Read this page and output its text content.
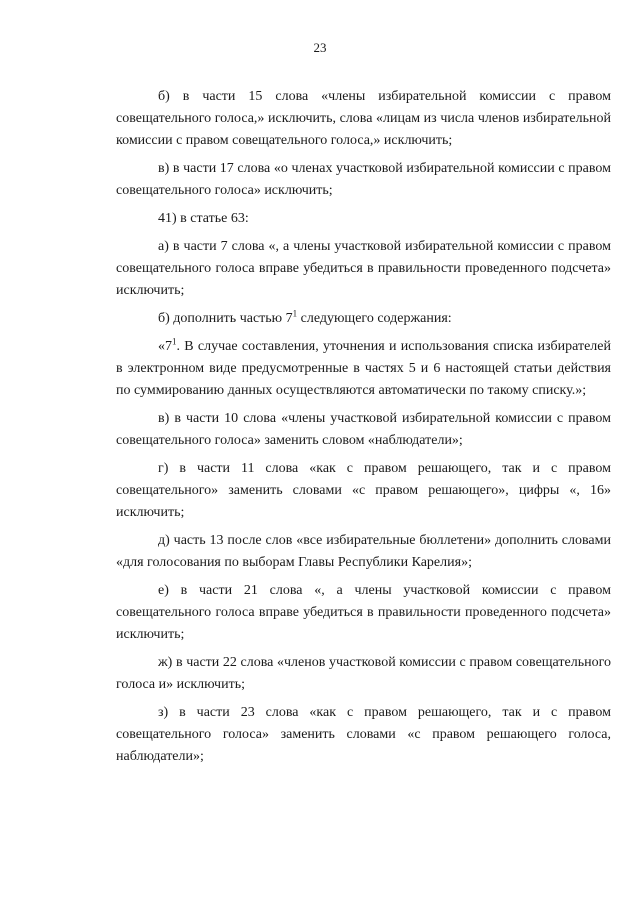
23

б) в части 15 слова «члены избирательной комиссии с правом совещательного голоса,» исключить, слова «лицам из числа членов избирательной комиссии с правом совещательного голоса,» исключить;

в) в части 17 слова «о членах участковой избирательной комиссии с правом совещательного голоса» исключить;

41) в статье 63:

а) в части 7 слова «, а члены участковой избирательной комиссии с правом совещательного голоса вправе убедиться в правильности проведенного подсчета» исключить;

б) дополнить частью $7^1$ следующего содержания:

«$7^1$. В случае составления, уточнения и использования списка избирателей в электронном виде предусмотренные в частях 5 и 6 настоящей статьи действия по суммированию данных осуществляются автоматически по такому списку.»;

в) в части 10 слова «члены участковой избирательной комиссии с правом совещательного голоса» заменить словом «наблюдатели»;

г) в части 11 слова «как с правом решающего, так и с правом совещательного» заменить словами «с правом решающего», цифры «, 16» исключить;

д) часть 13 после слов «все избирательные бюллетени» дополнить словами «для голосования по выборам Главы Республики Карелия»;

е) в части 21 слова «, а члены участковой комиссии с правом совещательного голоса вправе убедиться в правильности проведенного подсчета» исключить;

ж) в части 22 слова «членов участковой комиссии с правом совещательного голоса и» исключить;

з) в части 23 слова «как с правом решающего, так и с правом совещательного голоса» заменить словами «с правом решающего голоса, наблюдатели»;
